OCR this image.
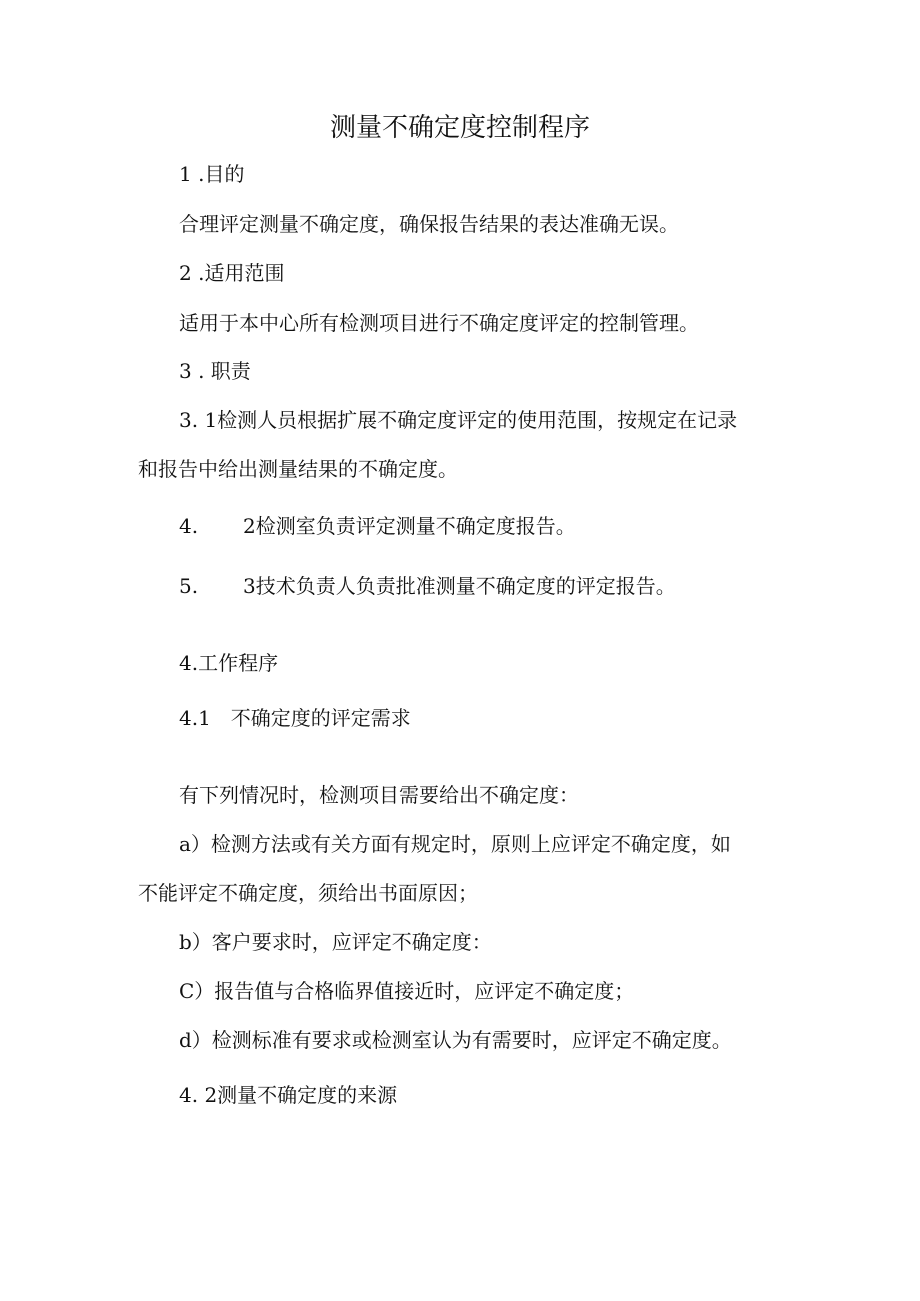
测量不确定度控制程序
1 .目的
合理评定测量不确定度，确保报告结果的表达准确无误。
2 .适用范围
适用于本中心所有检测项目进行不确定度评定的控制管理。
3 . 职责
3. 1检测人员根据扩展不确定度评定的使用范围，按规定在记录
和报告中给出测量结果的不确定度。
4. 2检测室负责评定测量不确定度报告。
5. 3技术负责人负责批准测量不确定度的评定报告。
4.工作程序
4.1　不确定度的评定需求
有下列情况时，检测项目需要给出不确定度：
a）检测方法或有关方面有规定时，原则上应评定不确定度，如
不能评定不确定度，须给出书面原因；
b）客户要求时，应评定不确定度：
C）报告值与合格临界值接近时，应评定不确定度；
d）检测标准有要求或检测室认为有需要时，应评定不确定度。
4. 2测量不确定度的来源
